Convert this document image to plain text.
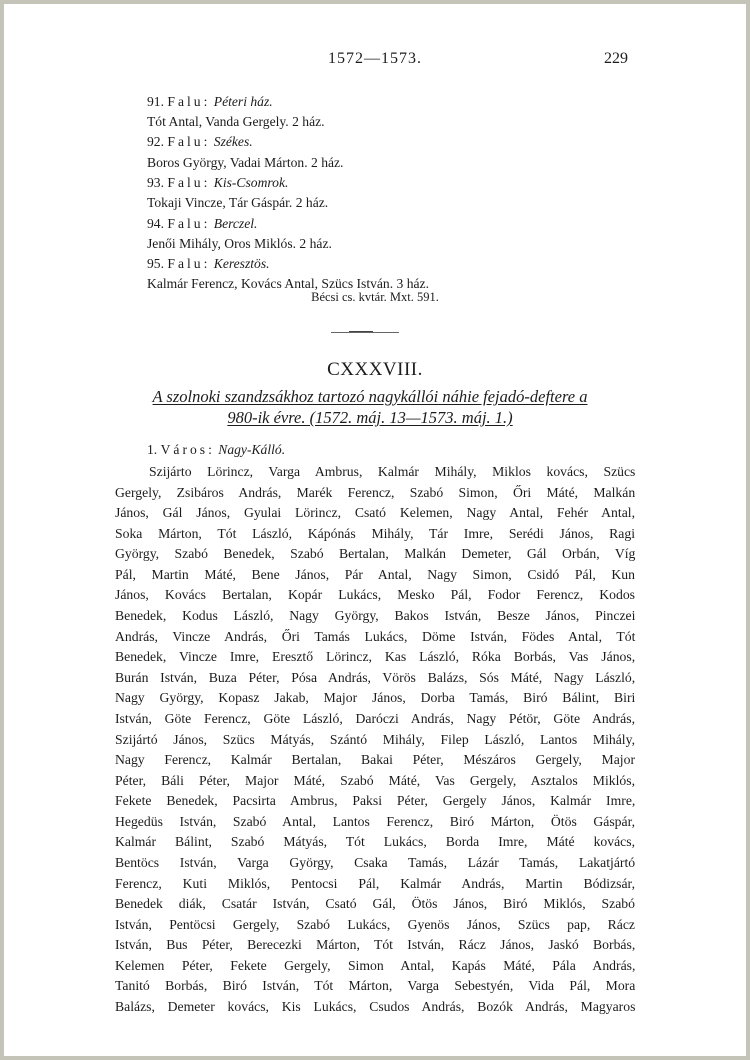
1572—1573.	229
91. Falu: Péteri ház.
Tót Antal, Vanda Gergely. 2 ház.
92. Falu: Székes.
Boros György, Vadai Márton. 2 ház.
93. Falu: Kis-Csomrok.
Tokaji Vincze, Tár Gáspár. 2 ház.
94. Falu: Berczel.
Jenői Mihály, Oros Miklós. 2 ház.
95. Falu: Keresztös.
Kalmár Ferencz, Kovács Antal, Szücs István. 3 ház.
Bécsi cs. kvtár. Mxt. 591.
CXXXVIII.
A szolnoki szandzsákhoz tartozó nagykállói náhie fejadó-deftere a
980-ik évre. (1572. máj. 13—1573. máj. 1.)
1. Város: Nagy-Kálló.
Szijárto Lörincz, Varga Ambrus, Kalmár Mihály, Miklos kovács, Szücs
Gergely, Zsibáros András, Marék Ferencz, Szabó Simon, Őri Máté, Malkán
János, Gál János, Gyulai Lörincz, Csató Kelemen, Nagy Antal, Fehér Antal,
Soka Márton, Tót László, Kápónás Mihály, Tár Imre, Serédi János, Ragi
György, Szabó Benedek, Szabó Bertalan, Malkán Demeter, Gál Orbán, Víg
Pál, Martin Máté, Bene János, Pár Antal, Nagy Simon, Csidó Pál, Kun
János, Kovács Bertalan, Kopár Lukács, Mesko Pál, Fodor Ferencz, Kodos
Benedek, Kodus László, Nagy György, Bakos István, Besze János, Pinczei
András, Vincze András, Őri Tamás Lukács, Döme István, Födes Antal, Tót
Benedek, Vincze Imre, Eresztő Lörincz, Kas László, Róka Borbás, Vas János,
Burán István, Buza Péter, Pósa András, Vörös Balázs, Sós Máté, Nagy László,
Nagy György, Kopasz Jakab, Major János, Dorba Tamás, Biró Bálint, Biri
István, Göte Ferencz, Göte László, Daróczi András, Nagy Pétör, Göte András,
Szijártó János, Szücs Mátyás, Szántó Mihály, Filep László, Lantos Mihály,
Nagy Ferencz, Kalmár Bertalan, Bakai Péter, Mészáros Gergely, Major
Péter, Báli Péter, Major Máté, Szabó Máté, Vas Gergely, Asztalos Miklós,
Fekete Benedek, Pacsirta Ambrus, Paksi Péter, Gergely János, Kalmár Imre,
Hegedüs István, Szabó Antal, Lantos Ferencz, Biró Márton, Ötös Gáspár,
Kalmár Bálint, Szabó Mátyás, Tót Lukács, Borda Imre, Máté kovács,
Bentöcs István, Varga György, Csaka Tamás, Lázár Tamás, Lakatjártó
Ferencz, Kuti Miklós, Pentocsi Pál, Kalmár András, Martin Bódizsár,
Benedek diák, Csatár István, Csató Gál, Ötös János, Biró Miklós, Szabó
István, Pentöcsi Gergely, Szabó Lukács, Gyenös János, Szücs pap, Rácz
István, Bus Péter, Berecezki Márton, Tót István, Rácz János, Jaskó Borbás,
Kelemen Péter, Fekete Gergely, Simon Antal, Kapás Máté, Pála András,
Tanitó Borbás, Biró István, Tót Márton, Varga Sebestyén, Vida Pál, Mora
Balázs, Demeter kovács, Kis Lukács, Csudos András, Bozók András, Magyaros
